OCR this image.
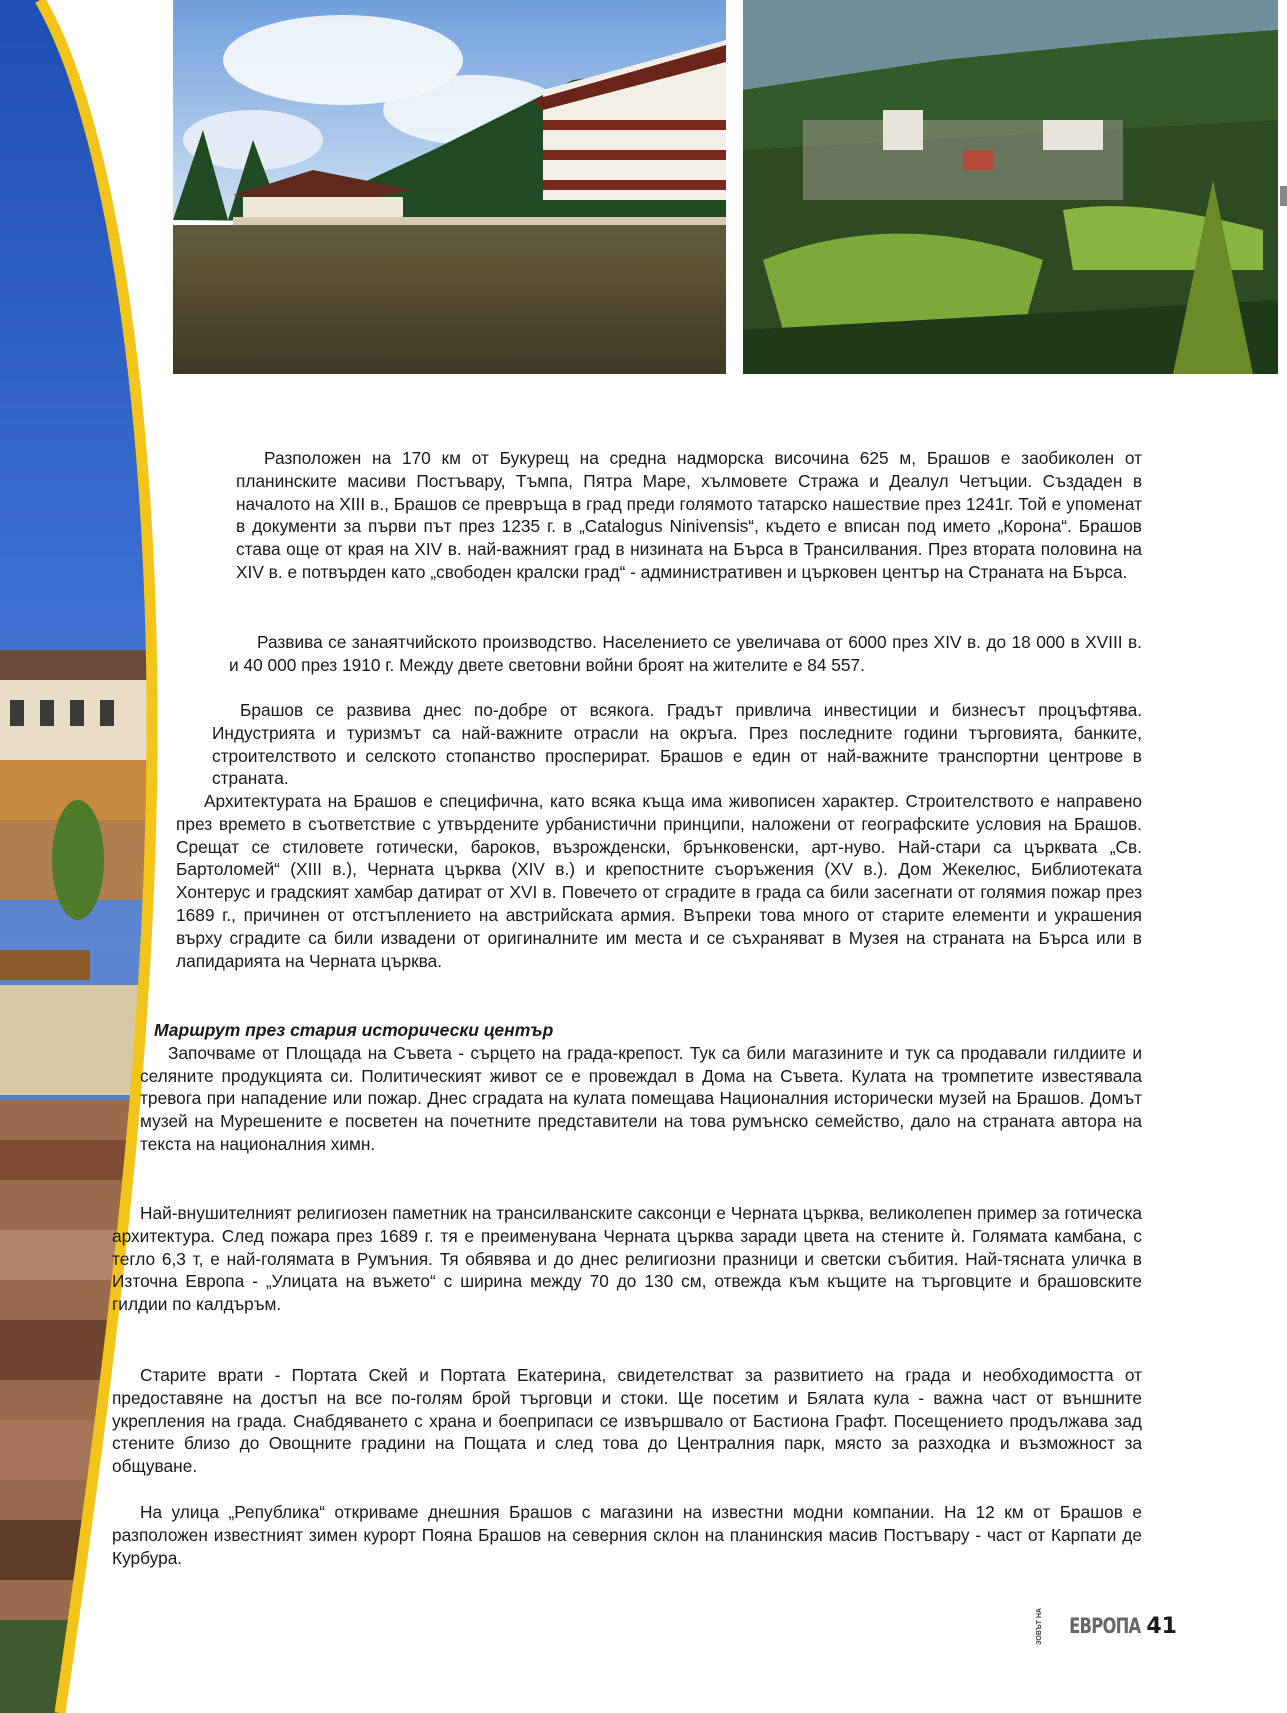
Разположен на 170 км от Букурещ на средна надморска височина 625 м, Брашов е заобиколен от планинските масиви Постъвару, Тъмпа, Пятра Маре, хълмовете Стража и Деалул Четъции. Създаден в началото на XIII в., Брашов се превръща в град преди голямото татарско нашествие през 1241г. Той е упоменат в документи за първи път през 1235 г. в „Catalogus Ninivensis“, където е вписан под името „Корона“. Брашов става още от края на XIV в. най-важният град в низината на Бърса в Трансилвания. През втората половина на XIV в. е потвърден като „свободен кралски град“ - административен и църковен център на Страната на Бърса.

Развива се занаятчийското производство. Населението се увеличава от 6000 през XIV в. до 18 000 в XVIII в. и 40 000 през 1910 г. Между двете световни войни броят на жителите е 84 557.

Брашов се развива днес по-добре от всякога. Градът привлича инвестиции и бизнесът процъфтява. Индустрията и туризмът са най-важните отрасли на окръга. През последните години търговията, банките, строителството и селското стопанство просперират. Брашов е един от най-важните транспортни центрове в страната.

Архитектурата на Брашов е специфична, като всяка къща има живописен характер. Строителството е направено през времето в съответствие с утвърдените урбанистични принципи, наложени от географските условия на Брашов. Срещат се стиловете готически, бароков, възрожденски, брънковенски, арт-нуво. Най-стари са църквата „Св. Бартоломей“ (XIII в.), Черната църква (XIV в.) и крепостните съоръжения (XV в.). Дом Жекелюс, Библиотеката Хонтерус и градският хамбар датират от XVI в. Повечето от сградите в града са били засегнати от голямия пожар през 1689 г., причинен от отстъплението на австрийската армия. Въпреки това много от старите елементи и украшения върху сградите са били извадени от оригиналните им места и се съхраняват в Музея на страната на Бърса или в лапидарията на Черната църква.

Маршрут през стария исторически център

Започваме от Площада на Съвета - сърцето на града-крепост. Тук са били магазините и тук са продавали гилдиите и селяните продукцията си. Политическият живот се е провеждал в Дома на Съвета. Кулата на тромпетите известявала тревога при нападение или пожар. Днес сградата на кулата помещава Националния исторически музей на Брашов. Домът музей на Мурешените е посветен на почетните представители на това румънско семейство, дало на страната автора на текста на националния химн.

Най-внушителният религиозен паметник на трансилванските саксонци е Черната църква, великолепен пример за готическа архитектура. След пожара през 1689 г. тя е преименувана Черната църква заради цвета на стените ѝ. Голямата камбана, с тегло 6,3 т, е най-голямата в Румъния. Тя обявява и до днес религиозни празници и светски събития. Най-тясната уличка в Източна Европа - „Улицата на въжето“ с ширина между 70 до 130 см, отвежда към къщите на търговците и брашовските гилдии по калдъръм.

Старите врати - Портата Скей и Портата Екатерина, свидетелстват за развитието на града и необходимостта от предоставяне на достъп на все по-голям брой търговци и стоки. Ще посетим и Бялата кула - важна част от външните укрепления на града. Снабдяването с храна и боеприпаси се извършвало от Бастиона Графт. Посещението продължава зад стените близо до Овощните градини на Пощата и след това до Централния парк, място за разходка и възможност за общуване.

На улица „Република“ откриваме днешния Брашов с магазини на известни модни компании. На 12 км от Брашов е разположен известният зимен курорт Пояна Брашов на северния склон на планинския масив Постъвару - част от Карпати де Курбура.

ЗОВЪТ НА ЕВРОПА 41
